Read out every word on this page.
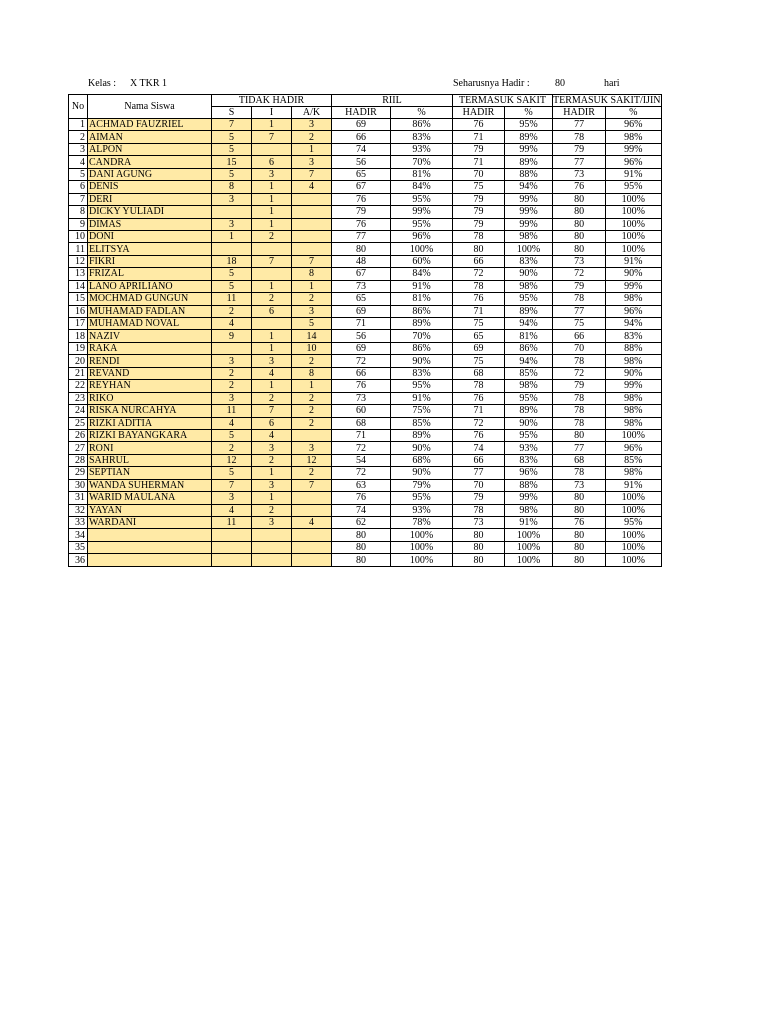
Kelas : X TKR 1	Seharusnya Hadir :	80	hari
No	Nama Siswa	TIDAK HADIR			RIIL		TERMASUK SAKIT		TERMASUK SAKIT/IJIN	
		S	I	A/K	HADIR	%	HADIR	%	HADIR	%
1	ACHMAD FAUZRIEL	7	1	3	69	86%	76	95%	77	96%
2	AIMAN	5	7	2	66	83%	71	89%	78	98%
3	ALPON	5		1	74	93%	79	99%	79	99%
4	CANDRA	15	6	3	56	70%	71	89%	77	96%
5	DANI AGUNG	5	3	7	65	81%	70	88%	73	91%
6	DENIS	8	1	4	67	84%	75	94%	76	95%
7	DERI	3	1		76	95%	79	99%	80	100%
8	DICKY YULIADI		1		79	99%	79	99%	80	100%
9	DIMAS	3	1		76	95%	79	99%	80	100%
10	DONI	1	2		77	96%	78	98%	80	100%
11	ELITSYA				80	100%	80	100%	80	100%
12	FIKRI	18	7	7	48	60%	66	83%	73	91%
13	FRIZAL	5		8	67	84%	72	90%	72	90%
14	LANO APRILIANO	5	1	1	73	91%	78	98%	79	99%
15	MOCHMAD GUNGUN	11	2	2	65	81%	76	95%	78	98%
16	MUHAMAD FADLAN	2	6	3	69	86%	71	89%	77	96%
17	MUHAMAD NOVAL	4		5	71	89%	75	94%	75	94%
18	NAZIV	9	1	14	56	70%	65	81%	66	83%
19	RAKA		1	10	69	86%	69	86%	70	88%
20	RENDI	3	3	2	72	90%	75	94%	78	98%
21	REVAND	2	4	8	66	83%	68	85%	72	90%
22	REYHAN	2	1	1	76	95%	78	98%	79	99%
23	RIKO	3	2	2	73	91%	76	95%	78	98%
24	RISKA NURCAHYA	11	7	2	60	75%	71	89%	78	98%
25	RIZKI ADITIA	4	6	2	68	85%	72	90%	78	98%
26	RIZKI BAYANGKARA	5	4		71	89%	76	95%	80	100%
27	RONI	2	3	3	72	90%	74	93%	77	96%
28	SAHRUL	12	2	12	54	68%	66	83%	68	85%
29	SEPTIAN	5	1	2	72	90%	77	96%	78	98%
30	WANDA SUHERMAN	7	3	7	63	79%	70	88%	73	91%
31	WARID MAULANA	3	1		76	95%	79	99%	80	100%
32	YAYAN	4	2		74	93%	78	98%	80	100%
33	WARDANI	11	3	4	62	78%	73	91%	76	95%
34					80	100%	80	100%	80	100%
35					80	100%	80	100%	80	100%
36					80	100%	80	100%	80	100%
